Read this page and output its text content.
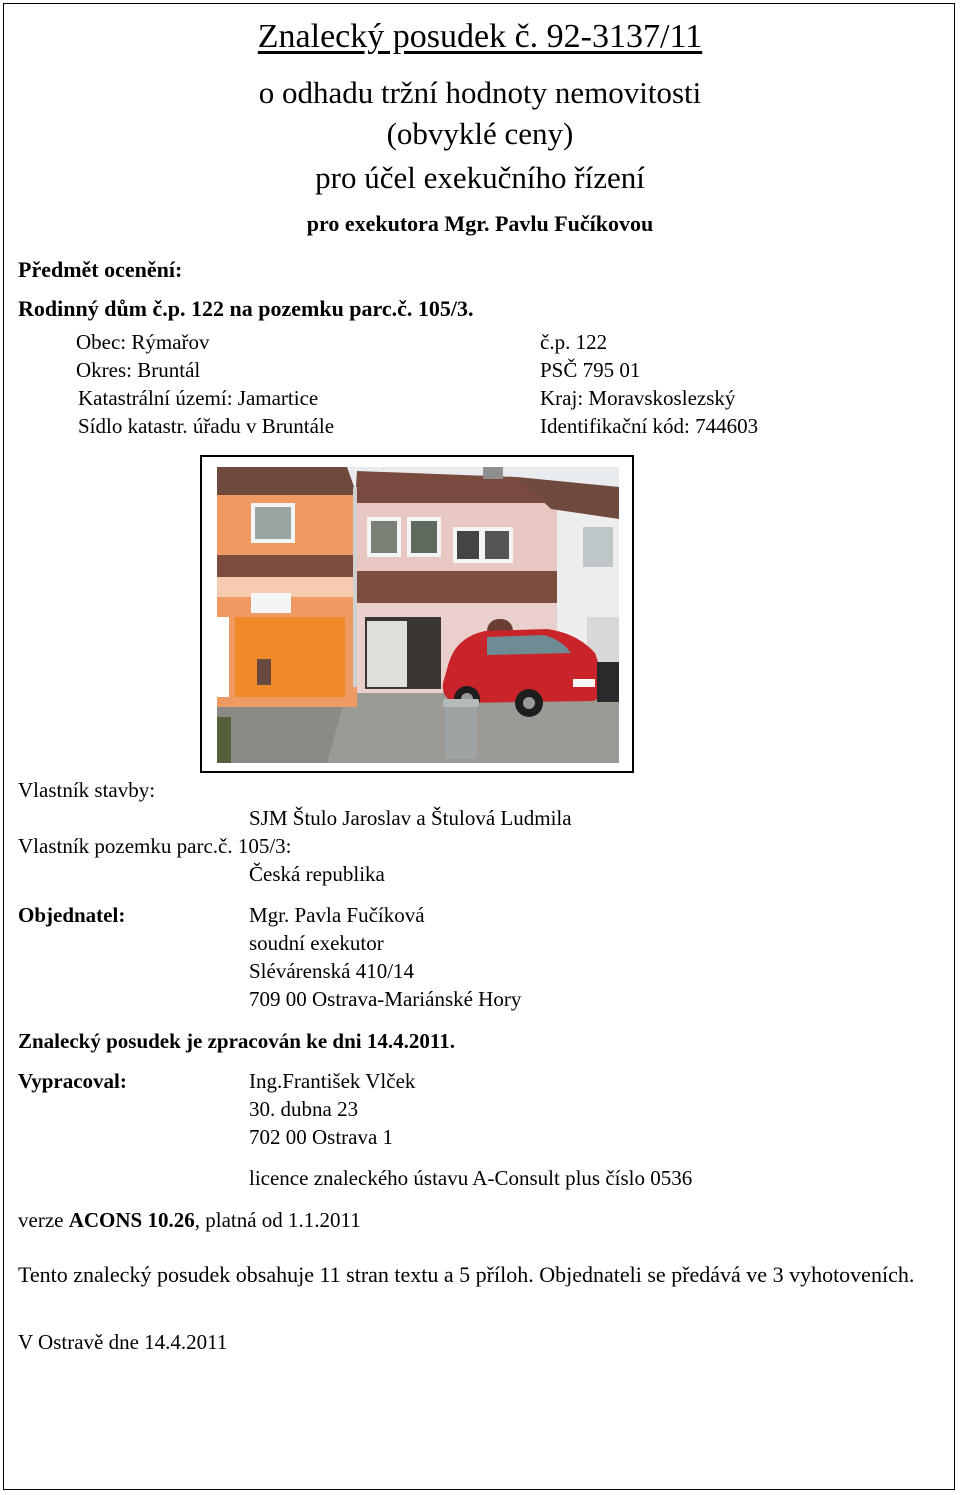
Znalecký posudek č. 92-3137/11
o odhadu tržní hodnoty nemovitosti
(obvyklé ceny)
pro účel exekučního řízení
pro exekutora Mgr. Pavlu Fučíkovou
Předmět ocenění:
Rodinný dům č.p. 122 na pozemku parc.č. 105/3.
Obec: Rýmařov
Okres: Bruntál
Katastrální území: Jamartice
Sídlo katastr. úřadu v Bruntále
č.p. 122
PSČ 795 01
Kraj: Moravskoslezský
Identifikační kód: 744603
Vlastník stavby:
SJM Štulo Jaroslav a Štulová Ludmila
Vlastník pozemku parc.č. 105/3:
Česká republika
Objednatel:	Mgr. Pavla Fučíková
soudní exekutor
Slévárenská 410/14
709 00 Ostrava-Mariánské Hory
Znalecký posudek je zpracován ke dni 14.4.2011.
Vypracoval:	Ing.František Vlček
30. dubna 23
702 00 Ostrava 1
licence znaleckého ústavu A-Consult plus číslo 0536
verze ACONS 10.26, platná od 1.1.2011
Tento znalecký posudek obsahuje 11 stran textu a 5 příloh. Objednateli se předává ve 3 vyhotoveních.
V Ostravě dne 14.4.2011
